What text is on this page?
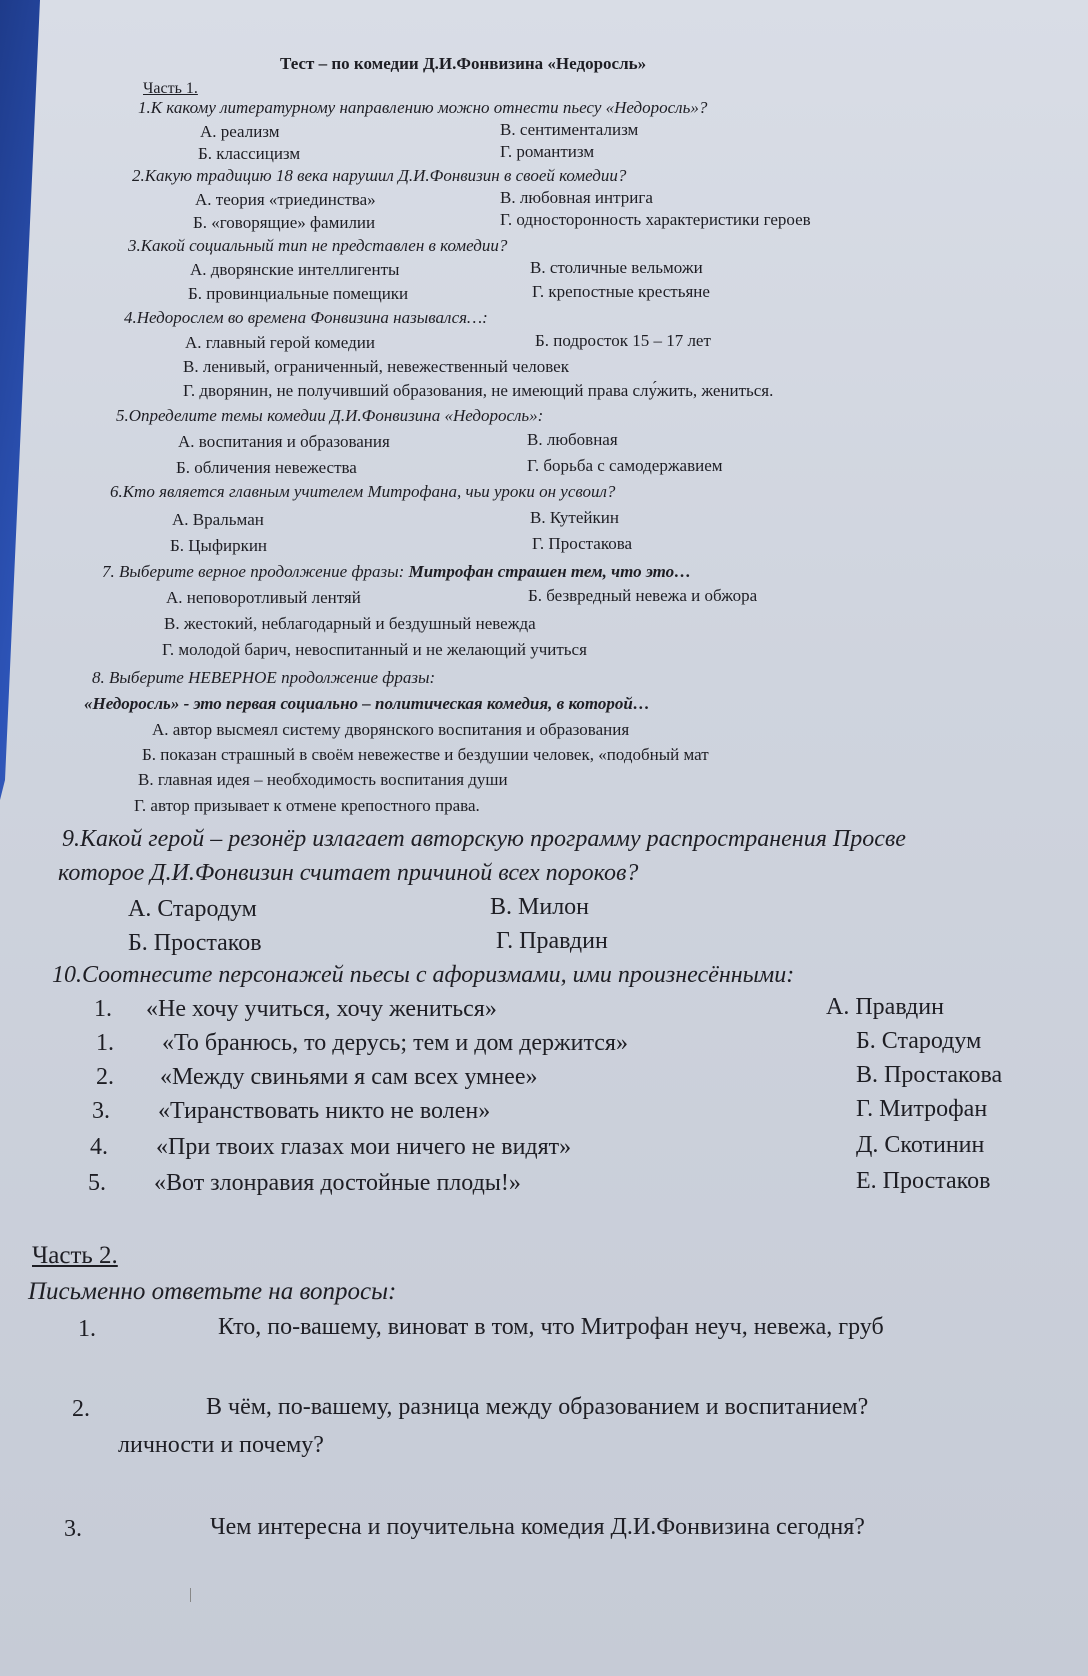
Тест – по комедии Д.И.Фонвизина «Недоросль»
Часть 1.
1.К какому литературному направлению можно отнести пьесу «Недоросль»?
А. реализм	В. сентиментализм
Б. классицизм	Г. романтизм
2.Какую традицию 18 века нарушил Д.И.Фонвизин в своей комедии?
А. теория «триединства»	В. любовная интрига
Б. «говорящие» фамилии	Г. односторонность характеристики героев
3.Какой социальный тип не представлен в комедии?
А. дворянские интеллигенты	В. столичные вельможи
Б. провинциальные помещики	Г. крепостные крестьяне
4.Недорослем во времена Фонвизина назывался…:
А. главный герой комедии	Б. подросток 15 – 17 лет
В. ленивый, ограниченный, невежественный человек
Г. дворянин, не получивший образования, не имеющий права слу́жить, жениться.
5.Определите темы комедии Д.И.Фонвизина «Недоросль»:
А. воспитания и образования	В. любовная
Б. обличения невежества	Г. борьба с самодержавием
6.Кто является главным учителем Митрофана, чьи уроки он усвоил?
А. Вральман	В. Кутейкин
Б. Цыфиркин	Г. Простакова
7. Выберите верное продолжение фразы: Митрофан страшен тем, что это…
А. неповоротливый лентяй	Б. безвредный невежа и обжора
В. жестокий, неблагодарный и бездушный невежда
Г. молодой барич, невоспитанный и не желающий учиться
8. Выберите НЕВЕРНОЕ продолжение фразы:
«Недоросль» - это первая социально – политическая комедия, в которой…
А. автор высмеял систему дворянского воспитания и образования
Б. показан страшный в своём невежестве и бездушии человек, «подобный мат
В. главная идея – необходимость воспитания души
Г. автор призывает к отмене крепостного права.
9.Какой герой – резонёр излагает авторскую программу распространения Просве
которое Д.И.Фонвизин считает причиной всех пороков?
А. Стародум	В. Милон
Б. Простаков	Г. Правдин
10.Соотнесите персонажей пьесы с афоризмами, ими произнесёнными:
1. «Не хочу учиться, хочу жениться»	А. Правдин
1. «То бранюсь, то дерусь; тем и дом держится»	Б. Стародум
2. «Между свиньями я сам всех умнее»	В. Простакова
3. «Тиранствовать никто не волен»	Г. Митрофан
4. «При твоих глазах мои ничего не видят»	Д. Скотинин
5. «Вот злонравия достойные плоды!»	Е. Простаков
Часть 2.
Письменно ответьте на вопросы:
1.	Кто, по-вашему, виноват в том, что Митрофан неуч, невежа, груб
2.	В чём, по-вашему, разница между образованием и воспитанием?
личности и почему?
3.	Чем интересна и поучительна комедия Д.И.Фонвизина сегодня?
